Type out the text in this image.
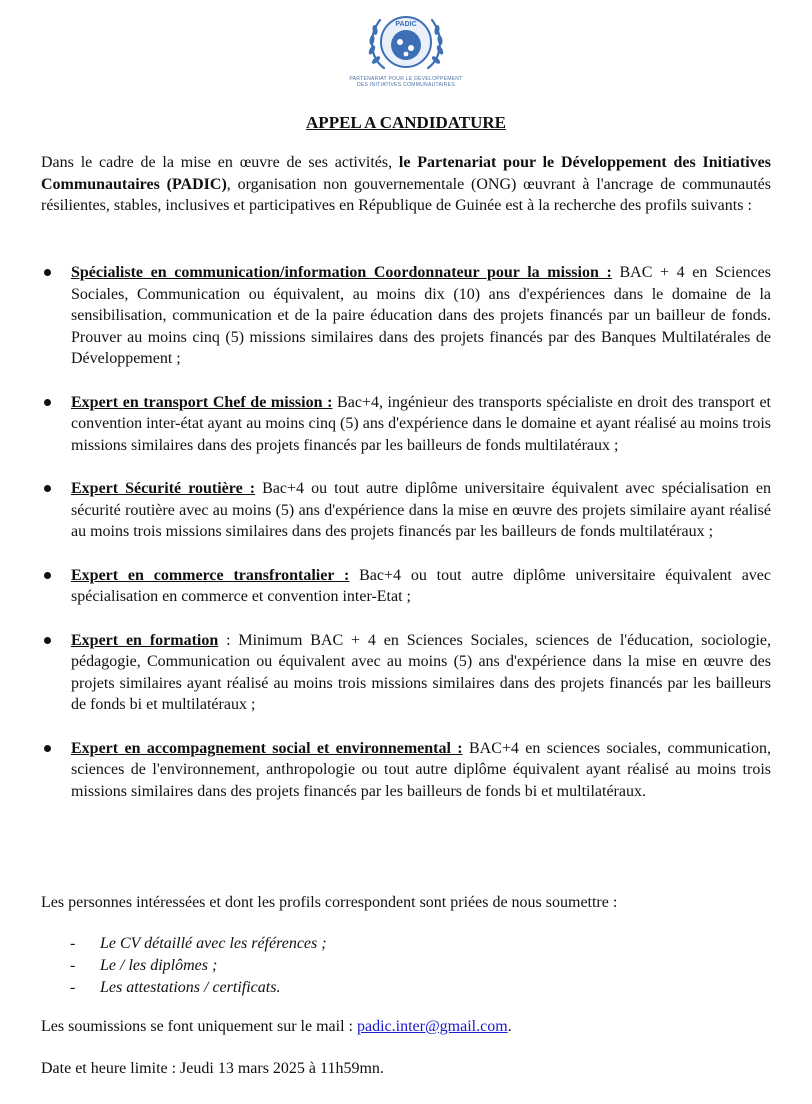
PADIC
PARTENARIAT POUR LE DEVELOPPEMENT
DES INITIATIVES COMMUNAUTAIRES
APPEL A CANDIDATURE

Dans le cadre de la mise en œuvre de ses activités, le Partenariat pour le Développement des Initiatives Communautaires (PADIC), organisation non gouvernementale (ONG) œuvrant à l'ancrage de communautés résilientes, stables, inclusives et participatives en République de Guinée est à la recherche des profils suivants :

Spécialiste en communication/information Coordonnateur pour la mission : BAC + 4 en Sciences Sociales, Communication ou équivalent, au moins dix (10) ans d'expériences dans le domaine de la sensibilisation, communication et de la paire éducation dans des projets financés par un bailleur de fonds. Prouver au moins cinq (5) missions similaires dans des projets financés par des Banques Multilatérales de Développement ;
Expert en transport Chef de mission : Bac+4, ingénieur des transports spécialiste en droit des transport et convention inter-état ayant au moins cinq (5) ans d'expérience dans le domaine et ayant réalisé au moins trois missions similaires dans des projets financés par les bailleurs de fonds multilatéraux ;
Expert Sécurité routière : Bac+4 ou tout autre diplôme universitaire équivalent avec spécialisation en sécurité routière avec au moins (5) ans d'expérience dans la mise en œuvre des projets similaire ayant réalisé au moins trois missions similaires dans des projets financés par les bailleurs de fonds multilatéraux ;
Expert en commerce transfrontalier : Bac+4 ou tout autre diplôme universitaire équivalent avec spécialisation en commerce et convention inter-Etat ;
Expert en formation : Minimum BAC + 4 en Sciences Sociales, sciences de l'éducation, sociologie, pédagogie, Communication ou équivalent avec au moins (5) ans d'expérience dans la mise en œuvre des projets similaires ayant réalisé au moins trois missions similaires dans des projets financés par les bailleurs de fonds bi et multilatéraux ;
Expert en accompagnement social et environnemental : BAC+4 en sciences sociales, communication, sciences de l'environnement, anthropologie ou tout autre diplôme équivalent ayant réalisé au moins trois missions similaires dans des projets financés par les bailleurs de fonds bi et multilatéraux.

Les personnes intéressées et dont les profils correspondent sont priées de nous soumettre :

- Le CV détaillé avec les références ;
- Le / les diplômes ;
- Les attestations / certificats.

Les soumissions se font uniquement sur le mail : padic.inter@gmail.com.

Date et heure limite : Jeudi 13 mars 2025 à 11h59mn.
